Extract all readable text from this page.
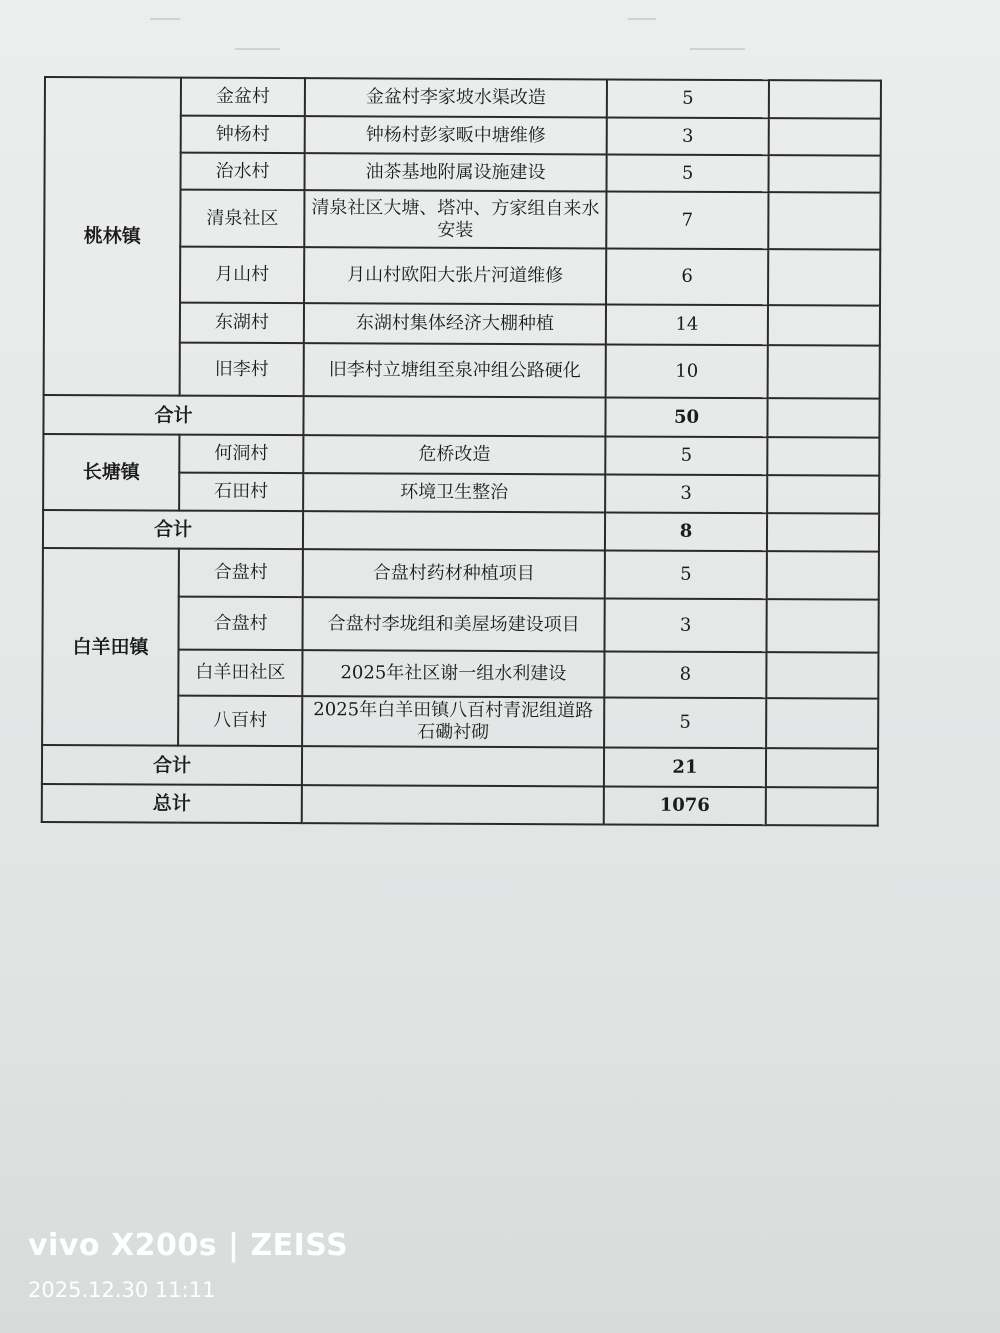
桃林镇	金盆村	金盆村李家坡水渠改造	5	
	钟杨村	钟杨村彭家畈中塘维修	3	
	治水村	油茶基地附属设施建设	5	
	清泉社区	清泉社区大塘、塔冲、方家组自来水安装	7	
	月山村	月山村欧阳大张片河道维修	6	
	东湖村	东湖村集体经济大棚种植	14	
	旧李村	旧李村立塘组至泉冲组公路硬化	10	
合计			50	
长塘镇	何洞村	危桥改造	5	
	石田村	环境卫生整治	3	
合计			8	
白羊田镇	合盘村	合盘村药材种植项目	5	
	合盘村	合盘村李垅组和美屋场建设项目	3	
	白羊田社区	2025年社区谢一组水利建设	8	
	八百村	2025年白羊田镇八百村青泥组道路石磡衬砌	5	
合计			21	
总计			1076	
vivo X200s | ZEISS
2025.12.30 11:11
